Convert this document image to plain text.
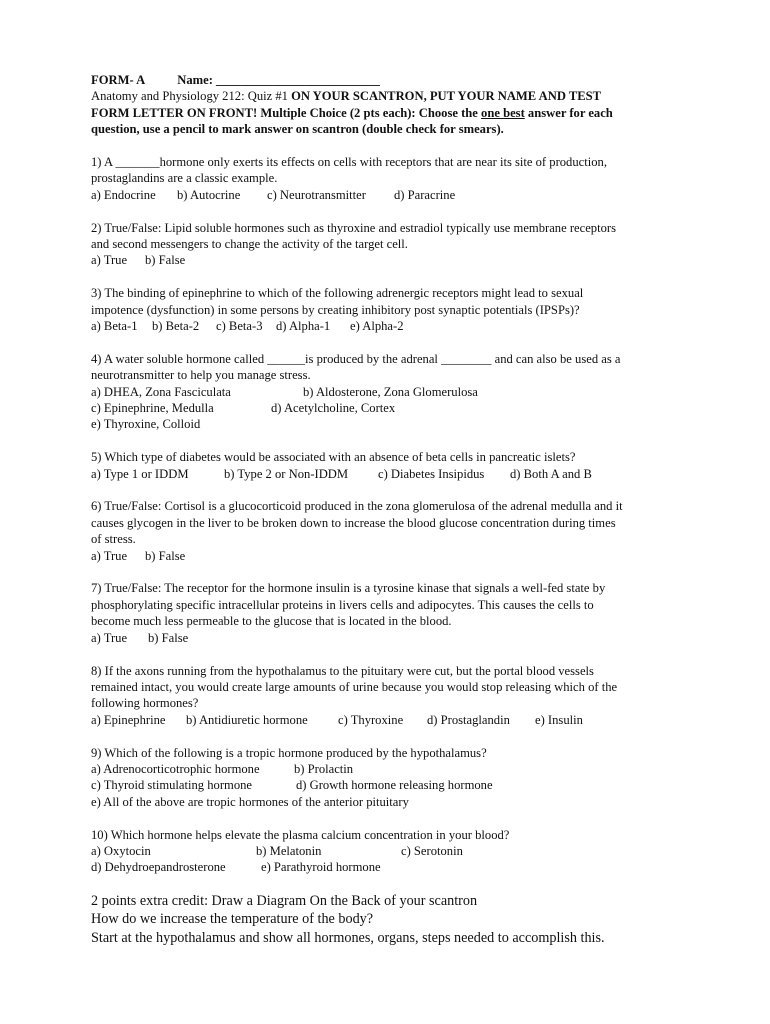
FORM- A	Name: __________________________
Anatomy and Physiology 212: Quiz #1 ON YOUR SCANTRON, PUT YOUR NAME AND TEST
FORM LETTER ON FRONT! Multiple Choice (2 pts each): Choose the one best answer for each
question, use a pencil to mark answer on scantron (double check for smears).
1) A _______hormone only exerts its effects on cells with receptors that are near its site of production,
prostaglandins are a classic example.
a) Endocrine b) Autocrine c) Neurotransmitter d) Paracrine
2) True/False: Lipid soluble hormones such as thyroxine and estradiol typically use membrane receptors
and second messengers to change the activity of the target cell.
a) True b) False
3) The binding of epinephrine to which of the following adrenergic receptors might lead to sexual
impotence (dysfunction) in some persons by creating inhibitory post synaptic potentials (IPSPs)?
a) Beta-1 b) Beta-2 c) Beta-3 d) Alpha-1 e) Alpha-2
4) A water soluble hormone called ______is produced by the adrenal ________ and can also be used as a
neurotransmitter to help you manage stress.
a) DHEA, Zona Fasciculata	b) Aldosterone, Zona Glomerulosa
c) Epinephrine, Medulla	d) Acetylcholine, Cortex
e) Thyroxine, Colloid
5) Which type of diabetes would be associated with an absence of beta cells in pancreatic islets?
a) Type 1 or IDDM	b) Type 2 or Non-IDDM c) Diabetes Insipidus d) Both A and B
6) True/False: Cortisol is a glucocorticoid produced in the zona glomerulosa of the adrenal medulla and it
causes glycogen in the liver to be broken down to increase the blood glucose concentration during times
of stress.
a) True b) False
7) True/False: The receptor for the hormone insulin is a tyrosine kinase that signals a well-fed state by
phosphorylating specific intracellular proteins in livers cells and adipocytes. This causes the cells to
become much less permeable to the glucose that is located in the blood.
a) True b) False
8) If the axons running from the hypothalamus to the pituitary were cut, but the portal blood vessels
remained intact, you would create large amounts of urine because you would stop releasing which of the
following hormones?
a) Epinephrine b) Antidiuretic hormone c) Thyroxine d) Prostaglandin e) Insulin
9) Which of the following is a tropic hormone produced by the hypothalamus?
a) Adrenocorticotrophic hormone	b) Prolactin
c) Thyroid stimulating hormone	d) Growth hormone releasing hormone
e) All of the above are tropic hormones of the anterior pituitary
10) Which hormone helps elevate the plasma calcium concentration in your blood?
a) Oxytocin	b) Melatonin	c) Serotonin
d) Dehydroepandrosterone	e) Parathyroid hormone
2 points extra credit: Draw a Diagram On the Back of your scantron
How do we increase the temperature of the body?
Start at the hypothalamus and show all hormones, organs, steps needed to accomplish this.
